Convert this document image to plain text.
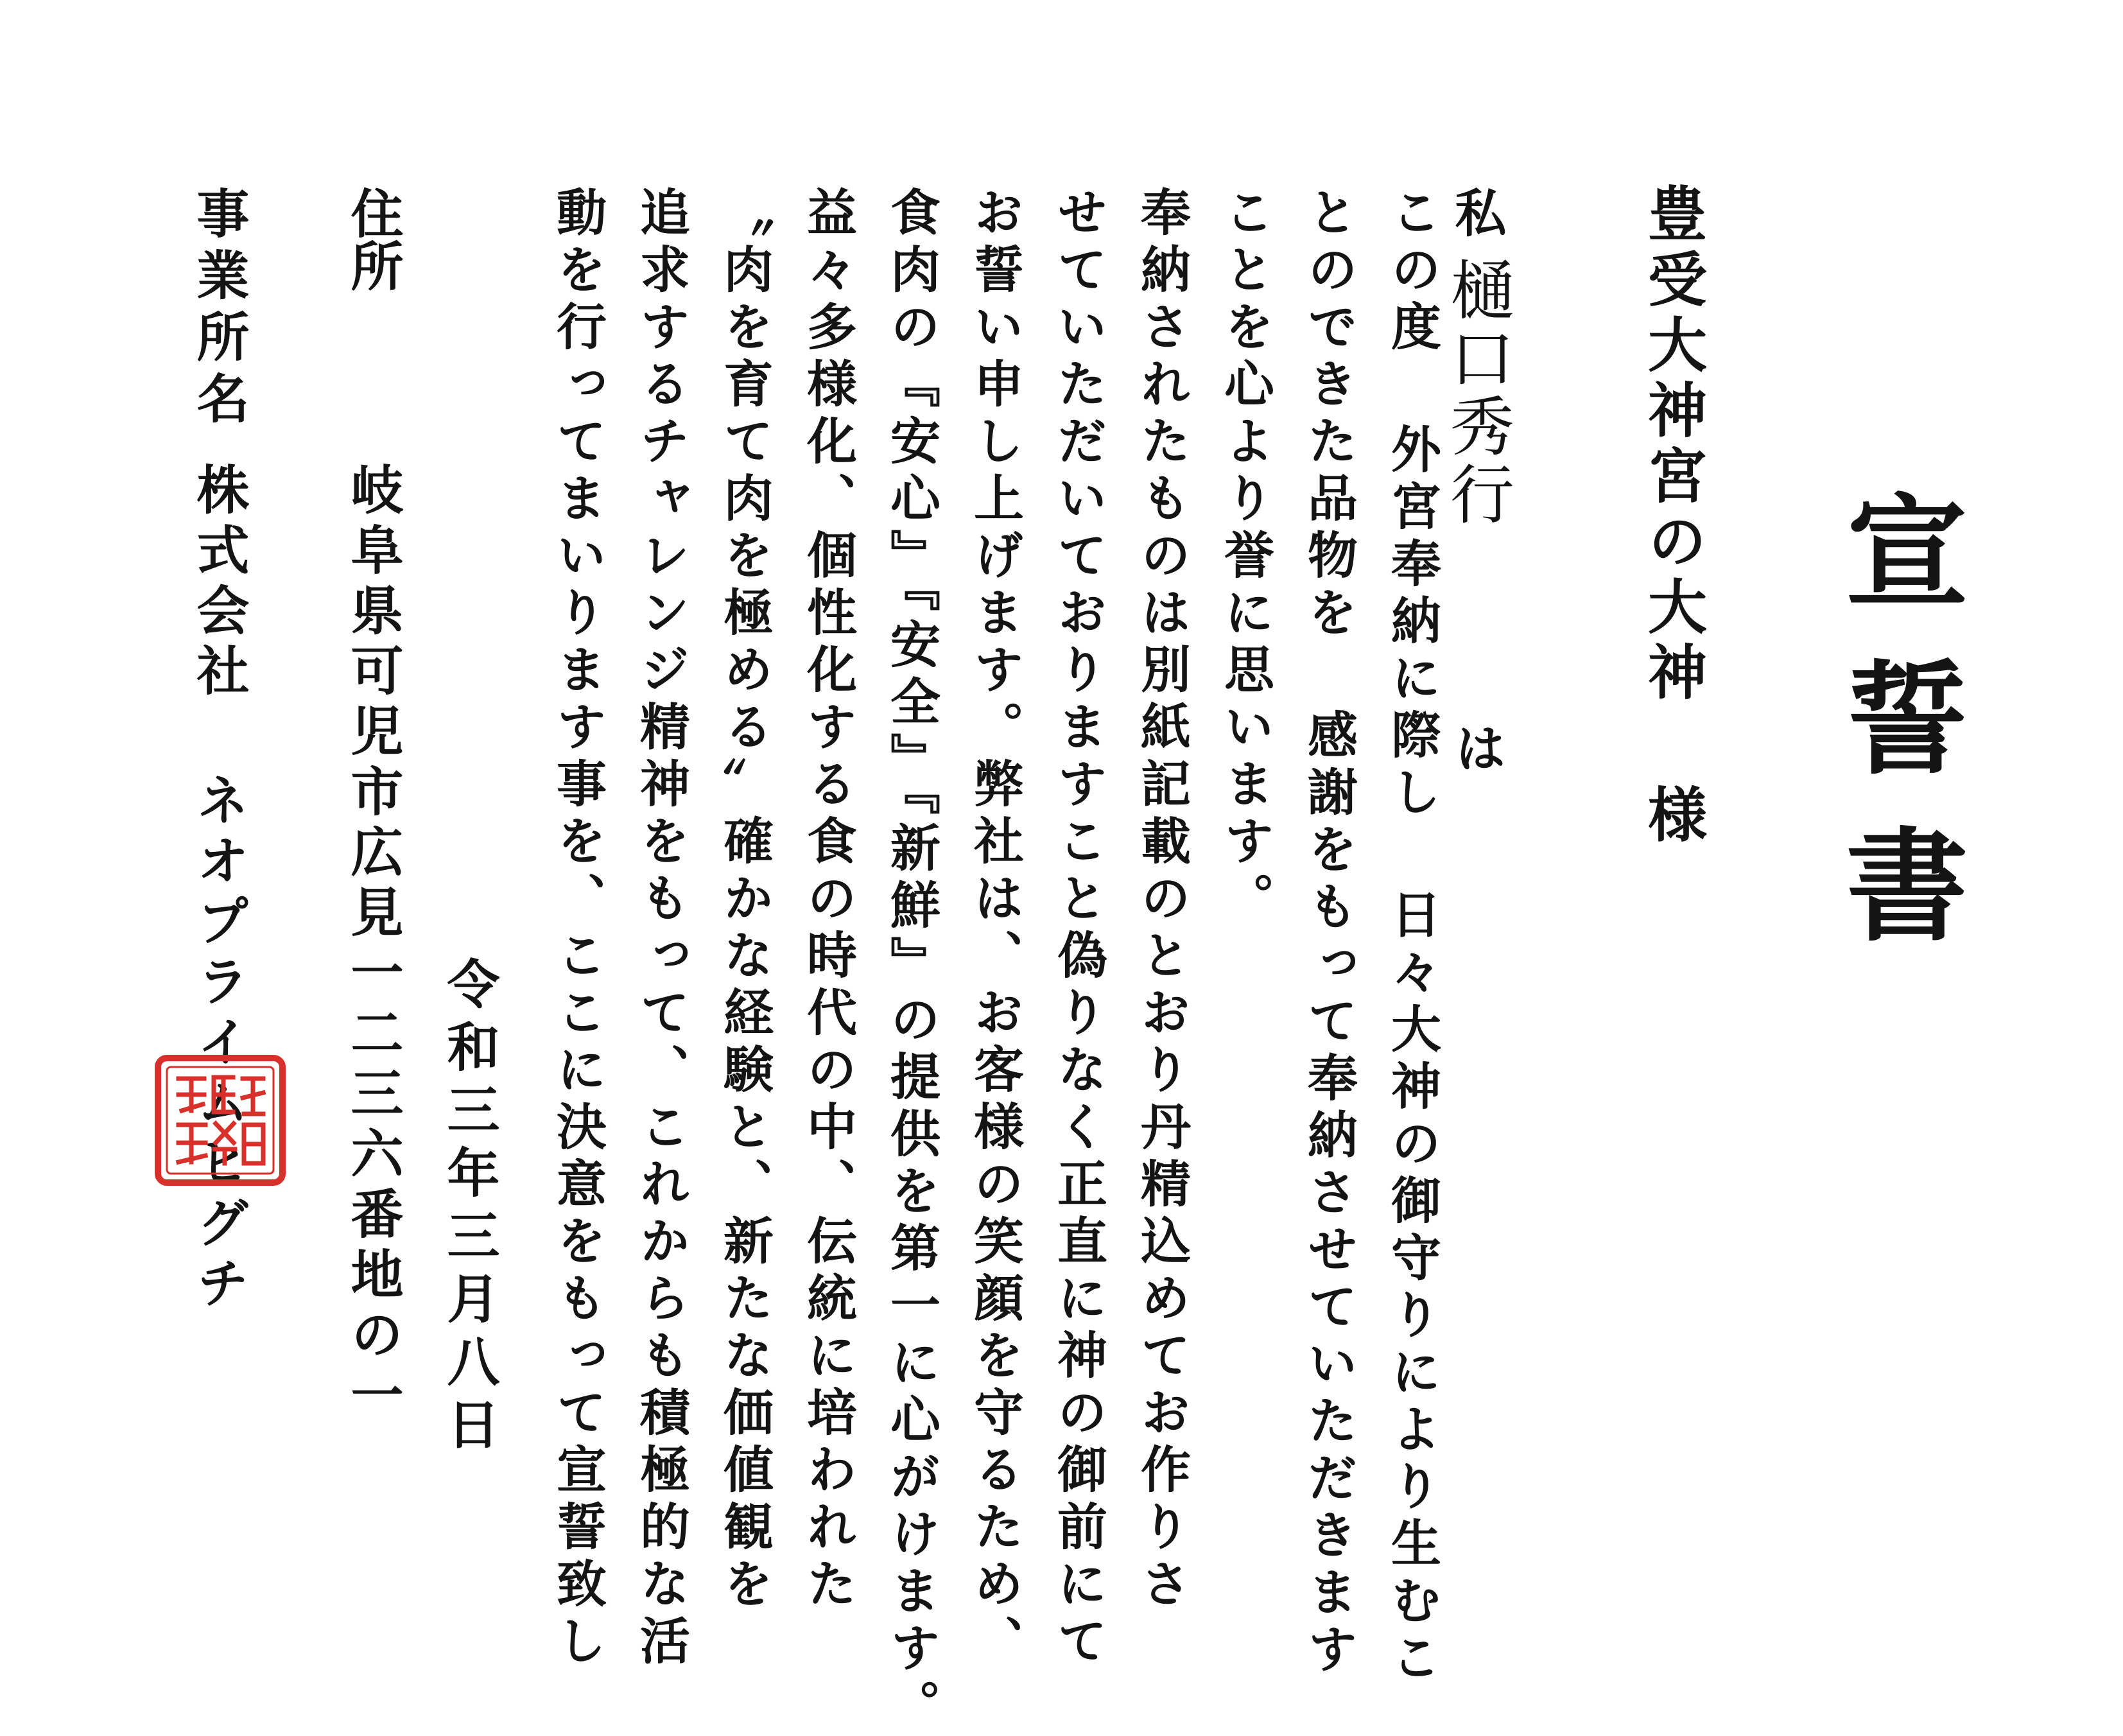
宣誓書
豊受大神宮の大神様
私樋口秀行は
この度 外宮奉納に際し 日々大神の御守りにより生むこ
とのできた品物を 感謝をもって奉納させていただきます
ことを心より誉に思います。
奉納されたものは別紙記載のとおり丹精込めてお作りさ
せていただいておりますこと偽りなく正直に神の御前にて
お誓い申し上げます。弊社は、お客様の笑顔を守るため、
食肉の『安心』『安全』『新鮮』の提供を第一に心がけます。
益々多様化、個性化する食の時代の中、伝統に培われた
〝肉を育て肉を極める〟確かな経験と、新たな価値観を
追求するチャレンジ精神をもって、これからも積極的な活
動を行ってまいります事を、ここに決意をもって宣誓致し
令和三年三月八日
住所
岐阜県可児市広見一二三六番地の一
事業所名
株式会社 ネオプライムヒグチ
株式会社ネオプライムヒグチ之印
